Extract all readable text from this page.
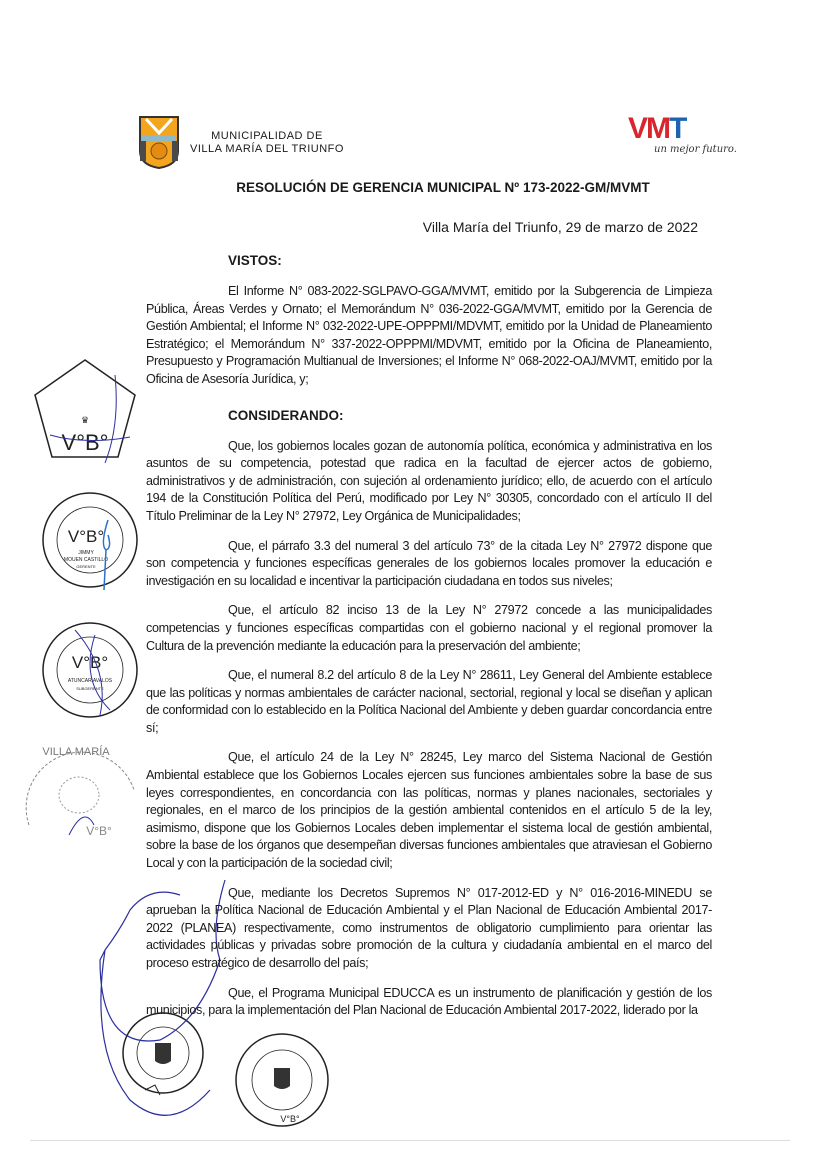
♛
V°B°
V°B°
JIMMY
MOUEN CASTILLO
GERENTE
V°B°
ATUNCAR AVALOS
SUBGERENTE
VILLA MARÍA
V°B°
V°B°
MUNICIPALIDAD DE
VILLA MARÍA DEL TRIUNFO
VMT
un mejor futuro.
RESOLUCIÓN DE GERENCIA MUNICIPAL Nº 173-2022-GM/MVMT
Villa María del Triunfo, 29 de marzo de 2022
VISTOS:

El Informe N° 083-2022-SGLPAVO-GGA/MVMT, emitido por la Subgerencia de Limpieza Pública, Áreas Verdes y Ornato; el Memorándum N° 036-2022-GGA/MVMT, emitido por la Gerencia de Gestión Ambiental; el Informe N° 032-2022-UPE-OPPPMI/MDVMT, emitido por la Unidad de Planeamiento Estratégico; el Memorándum N° 337-2022-OPPPMI/MDVMT, emitido por la Oficina de Planeamiento, Presupuesto y Programación Multianual de Inversiones; el Informe N° 068-2022-OAJ/MVMT, emitido por la Oficina de Asesoría Jurídica, y;

CONSIDERANDO:

Que, los gobiernos locales gozan de autonomía política, económica y administrativa en los asuntos de su competencia, potestad que radica en la facultad de ejercer actos de gobierno, administrativos y de administración, con sujeción al ordenamiento jurídico; ello, de acuerdo con el artículo 194 de la Constitución Política del Perú, modificado por Ley N° 30305, concordado con el artículo II del Título Preliminar de la Ley N° 27972, Ley Orgánica de Municipalidades;

Que, el párrafo 3.3 del numeral 3 del artículo 73° de la citada Ley N° 27972 dispone que son competencia y funciones específicas generales de los gobiernos locales promover la educación e investigación en su localidad e incentivar la participación ciudadana en todos sus niveles;

Que, el artículo 82 inciso 13 de la Ley N° 27972 concede a las municipalidades competencias y funciones específicas compartidas con el gobierno nacional y el regional promover la Cultura de la prevención mediante la educación para la preservación del ambiente;

Que, el numeral 8.2 del artículo 8 de la Ley N° 28611, Ley General del Ambiente establece que las políticas y normas ambientales de carácter nacional, sectorial, regional y local se diseñan y aplican de conformidad con lo establecido en la Política Nacional del Ambiente y deben guardar concordancia entre sí;

Que, el artículo 24 de la Ley N° 28245, Ley marco del Sistema Nacional de Gestión Ambiental establece que los Gobiernos Locales ejercen sus funciones ambientales sobre la base de sus leyes correspondientes, en concordancia con las políticas, normas y planes nacionales, sectoriales y regionales, en el marco de los principios de la gestión ambiental contenidos en el artículo 5 de la ley, asimismo, dispone que los Gobiernos Locales deben implementar el sistema local de gestión ambiental, sobre la base de los órganos que desempeñan diversas funciones ambientales que atraviesan el Gobierno Local y con la participación de la sociedad civil;

Que, mediante los Decretos Supremos N° 017-2012-ED y N° 016-2016-MINEDU se aprueban la Política Nacional de Educación Ambiental y el Plan Nacional de Educación Ambiental 2017-2022 (PLANEA) respectivamente, como instrumentos de obligatorio cumplimiento para orientar las actividades públicas y privadas sobre promoción de la cultura y ciudadanía ambiental en el marco del proceso estratégico de desarrollo del país;

Que, el Programa Municipal EDUCCA es un instrumento de planificación y gestión de los municipios, para la implementación del Plan Nacional de Educación Ambiental 2017-2022, liderado por la
